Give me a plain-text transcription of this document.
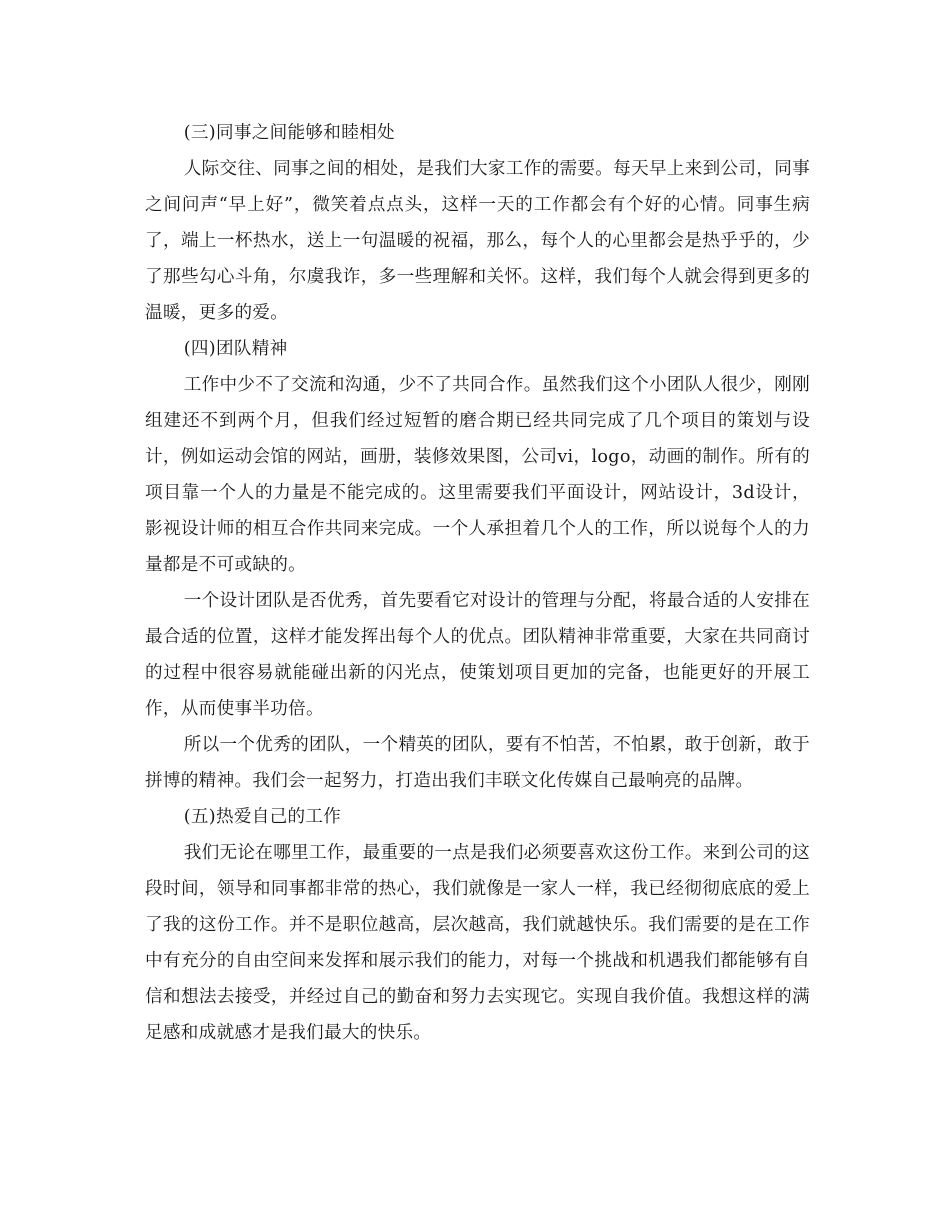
(三)同事之间能够和睦相处

人际交往、同事之间的相处，是我们大家工作的需要。每天早上来到公司，同事之间问声“早上好”，微笑着点点头，这样一天的工作都会有个好的心情。同事生病了，端上一杯热水，送上一句温暖的祝福，那么，每个人的心里都会是热乎乎的，少了那些勾心斗角，尔虞我诈，多一些理解和关怀。这样，我们每个人就会得到更多的温暖，更多的爱。

(四)团队精神

工作中少不了交流和沟通，少不了共同合作。虽然我们这个小团队人很少，刚刚组建还不到两个月，但我们经过短暂的磨合期已经共同完成了几个项目的策划与设计，例如运动会馆的网站，画册，装修效果图，公司vi，logo，动画的制作。所有的项目靠一个人的力量是不能完成的。这里需要我们平面设计，网站设计，3d设计，影视设计师的相互合作共同来完成。一个人承担着几个人的工作，所以说每个人的力量都是不可或缺的。

一个设计团队是否优秀，首先要看它对设计的管理与分配，将最合适的人安排在最合适的位置，这样才能发挥出每个人的优点。团队精神非常重要，大家在共同商讨的过程中很容易就能碰出新的闪光点，使策划项目更加的完备，也能更好的开展工作，从而使事半功倍。

所以一个优秀的团队，一个精英的团队，要有不怕苦，不怕累，敢于创新，敢于拼博的精神。我们会一起努力，打造出我们丰联文化传媒自己最响亮的品牌。

(五)热爱自己的工作

我们无论在哪里工作，最重要的一点是我们必须要喜欢这份工作。来到公司的这段时间，领导和同事都非常的热心，我们就像是一家人一样，我已经彻彻底底的爱上了我的这份工作。并不是职位越高，层次越高，我们就越快乐。我们需要的是在工作中有充分的自由空间来发挥和展示我们的能力，对每一个挑战和机遇我们都能够有自信和想法去接受，并经过自己的勤奋和努力去实现它。实现自我价值。我想这样的满足感和成就感才是我们最大的快乐。
